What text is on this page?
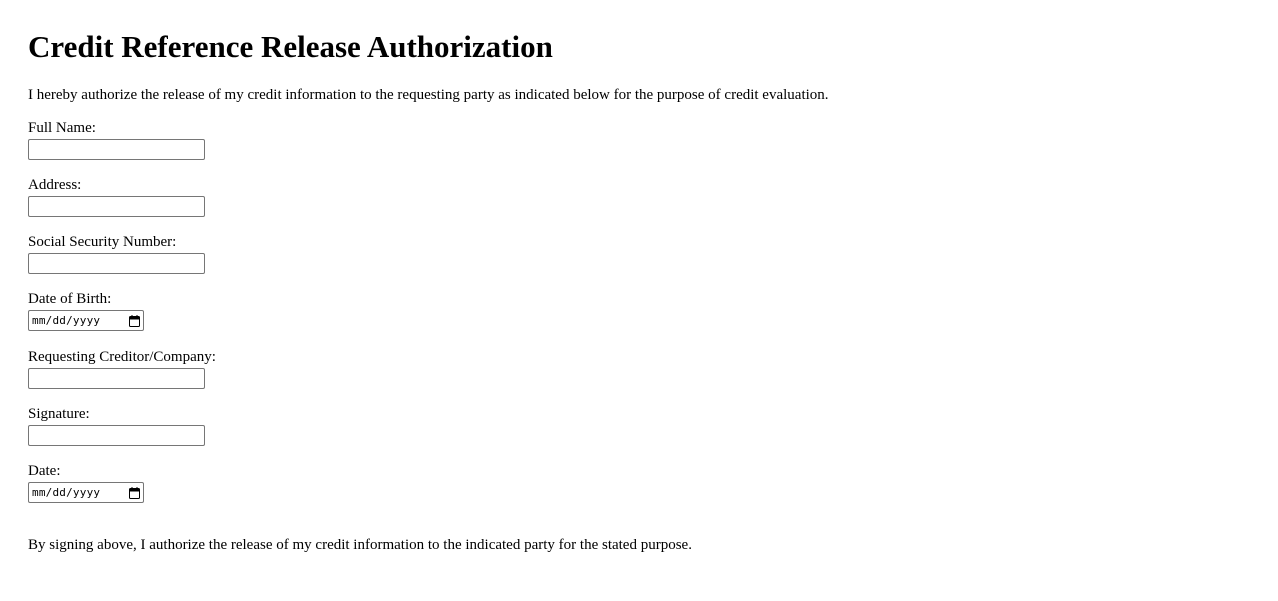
Credit Reference Release Authorization

I hereby authorize the release of my credit information to the requesting party as indicated below for the purpose of credit evaluation.

Full Name:
Address:
Social Security Number:
Date of Birth:
mm/dd/yyyy
Requesting Creditor/Company:
Signature:
Date:
mm/dd/yyyy

By signing above, I authorize the release of my credit information to the indicated party for the stated purpose.
